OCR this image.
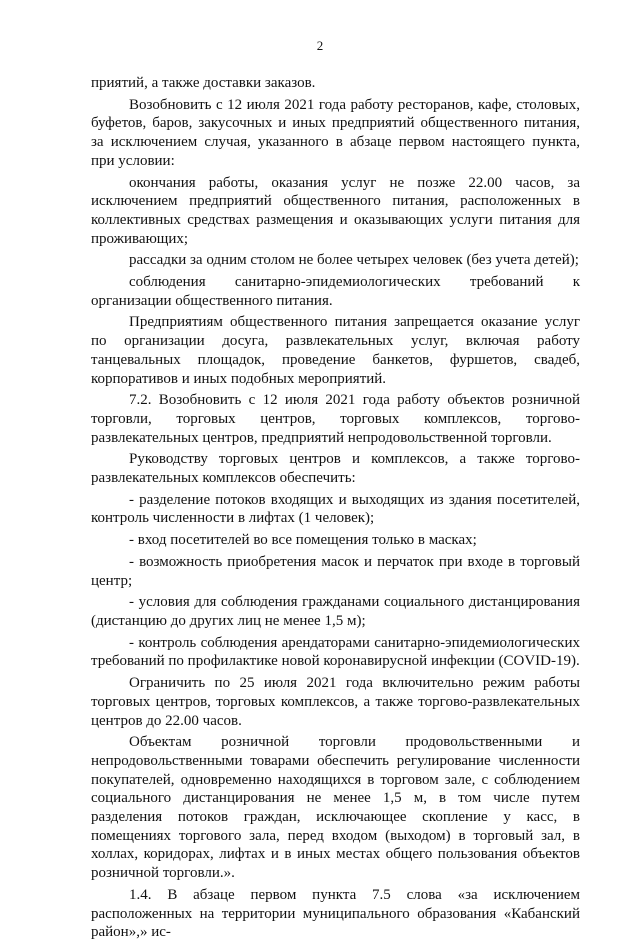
2

приятий, а также доставки заказов.

Возобновить с 12 июля 2021 года работу ресторанов, кафе, столовых, буфетов, баров, закусочных и иных предприятий общественного питания, за исключением случая, указанного в абзаце первом настоящего пункта, при условии:

окончания работы, оказания услуг не позже 22.00 часов, за исключением предприятий общественного питания, расположенных в коллективных средствах размещения и оказывающих услуги питания для проживающих;

рассадки за одним столом не более четырех человек (без учета детей);

соблюдения санитарно-эпидемиологических требований к организации общественного питания.

Предприятиям общественного питания запрещается оказание услуг по организации досуга, развлекательных услуг, включая работу танцевальных площадок, проведение банкетов, фуршетов, свадеб, корпоративов и иных подобных мероприятий.

7.2. Возобновить с 12 июля 2021 года работу объектов розничной торговли, торговых центров, торговых комплексов, торгово-развлекательных центров, предприятий непродовольственной торговли.

Руководству торговых центров и комплексов, а также торгово-развлекательных комплексов обеспечить:

- разделение потоков входящих и выходящих из здания посетителей, контроль численности в лифтах (1 человек);

- вход посетителей во все помещения только в масках;

- возможность приобретения масок и перчаток при входе в торговый центр;

- условия для соблюдения гражданами социального дистанцирования (дистанцию до других лиц не менее 1,5 м);

- контроль соблюдения арендаторами санитарно-эпидемиологических требований по профилактике новой коронавирусной инфекции (COVID-19).

Ограничить по 25 июля 2021 года включительно режим работы торговых центров, торговых комплексов, а также торгово-развлекательных центров до 22.00 часов.

Объектам розничной торговли продовольственными и непродовольственными товарами обеспечить регулирование численности покупателей, одновременно находящихся в торговом зале, с соблюдением социального дистанцирования не менее 1,5 м, в том числе путем разделения потоков граждан, исключающее скопление у касс, в помещениях торгового зала, перед входом (выходом) в торговый зал, в холлах, коридорах, лифтах и в иных местах общего пользования объектов розничной торговли.».

1.4. В абзаце первом пункта 7.5 слова «за исключением расположенных на территории муниципального образования «Кабанский район»,» ис-
